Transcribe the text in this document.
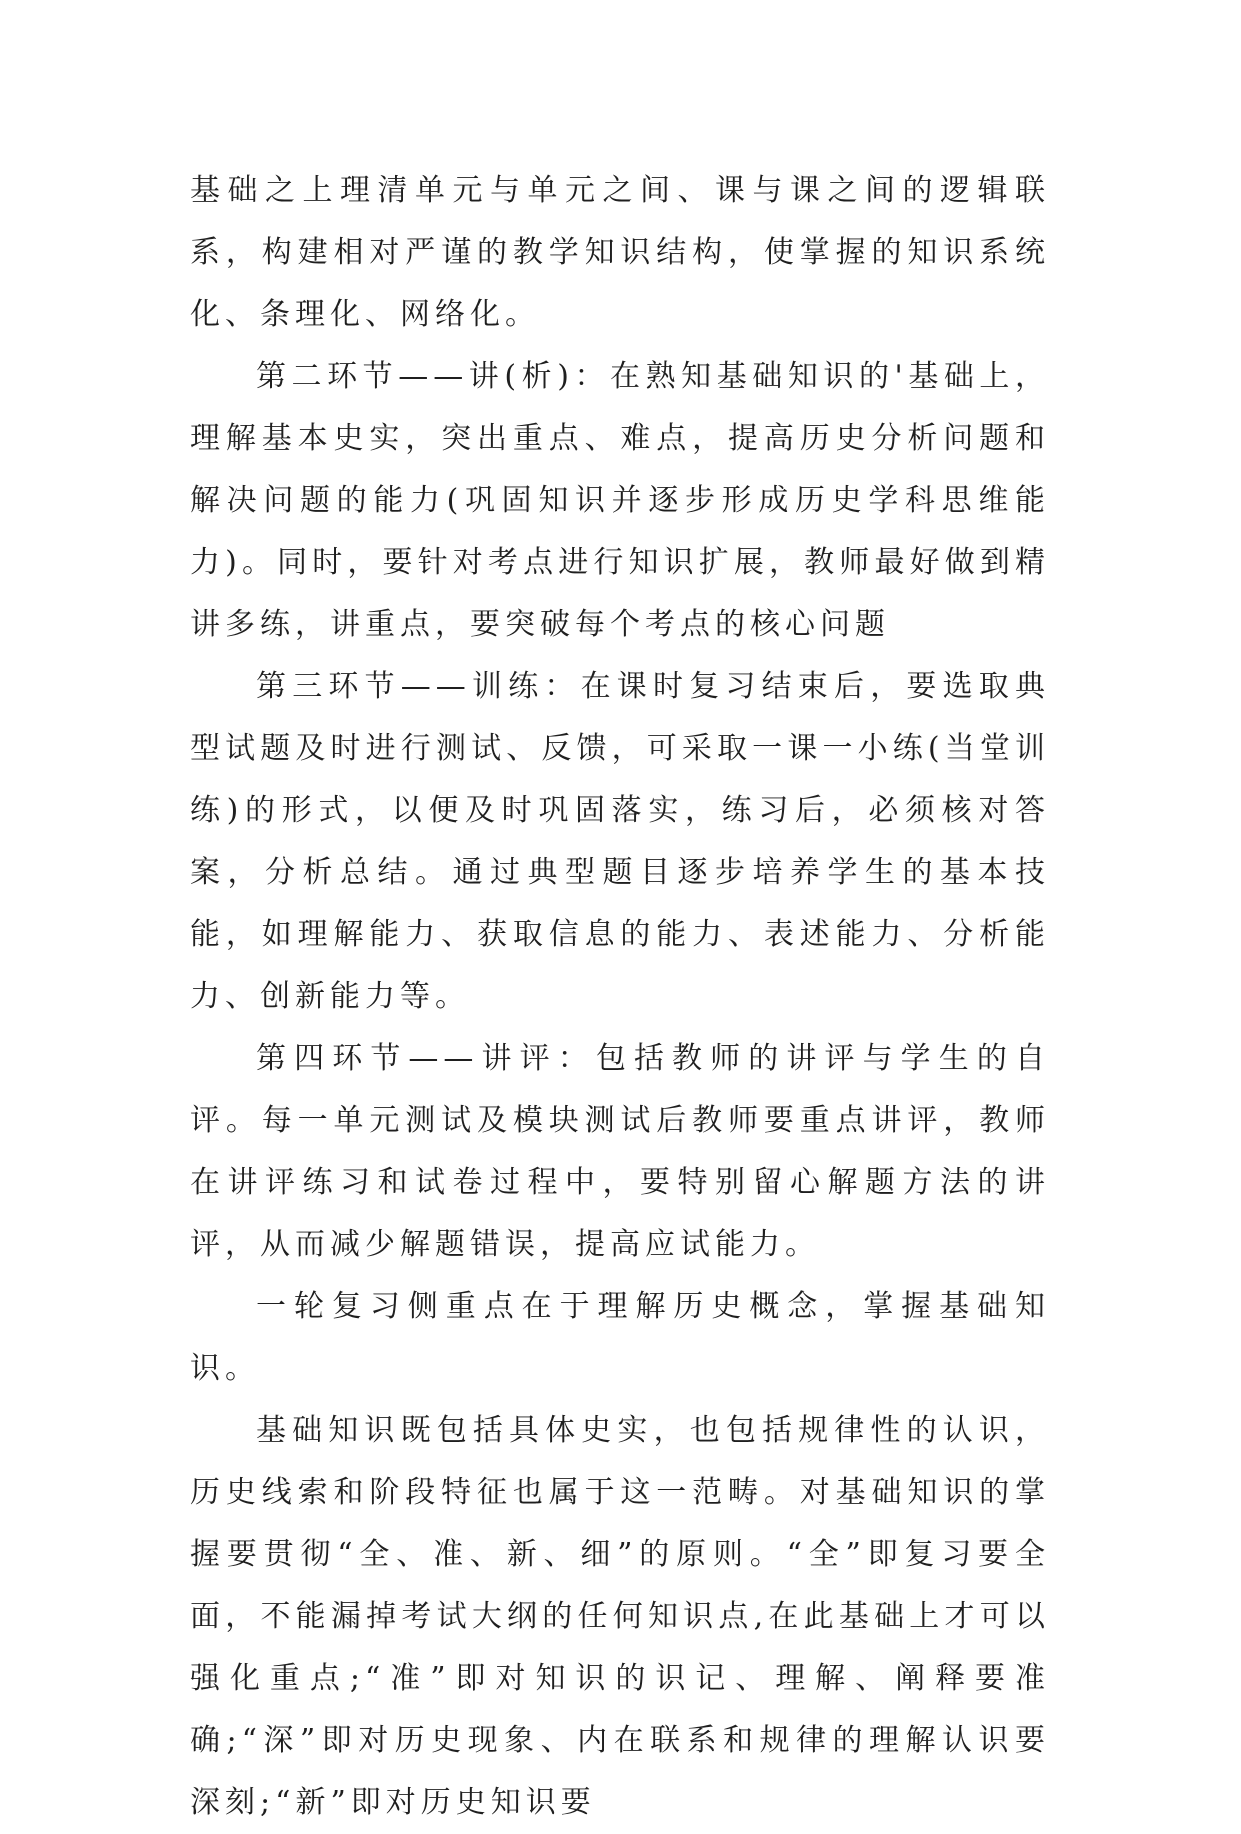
基础之上理清单元与单元之间、课与课之间的逻辑联系，构建相对严谨的教学知识结构，使掌握的知识系统化、条理化、网络化。

第二环节——讲(析)：在熟知基础知识的'基础上，理解基本史实，突出重点、难点，提高历史分析问题和解决问题的能力(巩固知识并逐步形成历史学科思维能力)。同时，要针对考点进行知识扩展，教师最好做到精讲多练，讲重点，要突破每个考点的核心问题

第三环节——训练：在课时复习结束后，要选取典型试题及时进行测试、反馈，可采取一课一小练(当堂训练)的形式，以便及时巩固落实，练习后，必须核对答案，分析总结。通过典型题目逐步培养学生的基本技能，如理解能力、获取信息的能力、表述能力、分析能力、创新能力等。

第四环节——讲评：包括教师的讲评与学生的自评。每一单元测试及模块测试后教师要重点讲评，教师在讲评练习和试卷过程中，要特别留心解题方法的讲评，从而减少解题错误，提高应试能力。

一轮复习侧重点在于理解历史概念，掌握基础知识。

基础知识既包括具体史实，也包括规律性的认识，历史线索和阶段特征也属于这一范畴。对基础知识的掌握要贯彻“全、准、新、细”的原则。“全”即复习要全面，不能漏掉考试大纲的任何知识点,在此基础上才可以强化重点;“准”即对知识的识记、理解、阐释要准确;“深”即对历史现象、内在联系和规律的理解认识要深刻;“新”即对历史知识要
